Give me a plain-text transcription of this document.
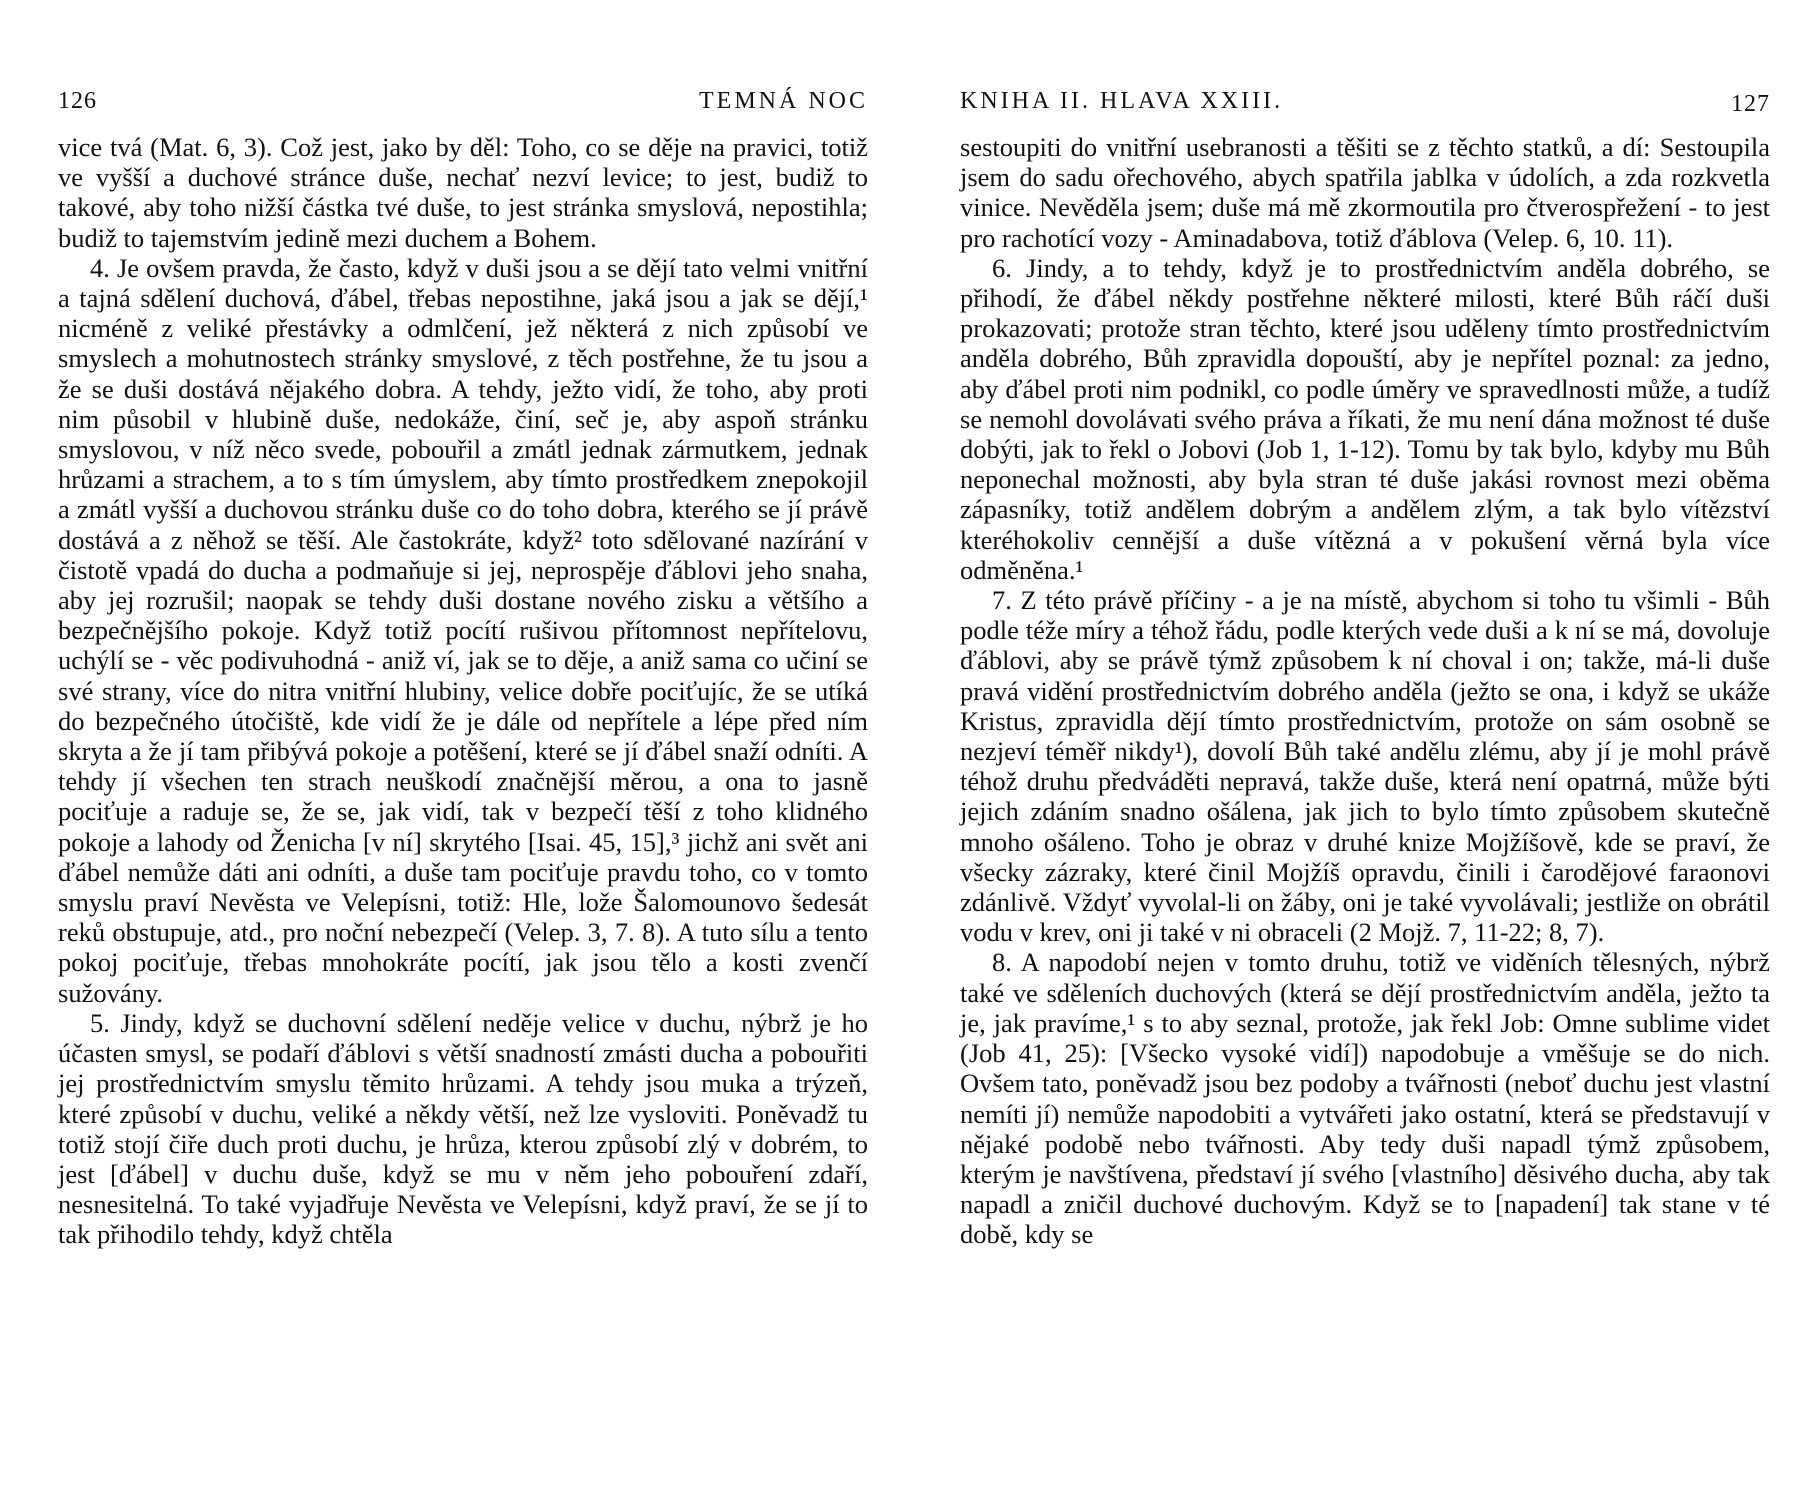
126	TEMNÁ NOC

vice tvá (Mat. 6, 3). Což jest, jako by děl: Toho, co se děje na pravici, totiž ve vyšší a duchové stránce duše, nechať nezví levice; to jest, budiž to takové, aby toho nižší částka tvé duše, to jest stránka smyslová, nepostihla; budiž to tajemstvím jedině mezi duchem a Bohem.

4. Je ovšem pravda, že často, když v duši jsou a se dějí tato velmi vnitřní a tajná sdělení duchová, ďábel, třebas nepostihne, jaká jsou a jak se dějí,¹ nicméně z veliké přestávky a odmlčení, jež některá z nich způsobí ve smyslech a mohutnostech stránky smyslové, z těch postřehne, že tu jsou a že se duši dostává nějakého dobra. A tehdy, ježto vidí, že toho, aby proti nim působil v hlubině duše, nedokáže, činí, seč je, aby aspoň stránku smyslovou, v níž něco svede, pobouřil a zmátl jednak zármutkem, jednak hrůzami a strachem, a to s tím úmyslem, aby tímto prostředkem znepokojil a zmátl vyšší a duchovou stránku duše co do toho dobra, kterého se jí právě dostává a z něhož se těší. Ale častokráte, když² toto sdělované nazírání v čistotě vpadá do ducha a podmaňuje si jej, neprospěje ďáblovi jeho snaha, aby jej rozrušil; naopak se tehdy duši dostane nového zisku a většího a bezpečnějšího pokoje. Když totiž pocítí rušivou přítomnost nepřítelovu, uchýlí se - věc podivuhodná - aniž ví, jak se to děje, a aniž sama co učiní se své strany, více do nitra vnitřní hlubiny, velice dobře pociťujíc, že se utíká do bezpečného útočiště, kde vidí že je dále od nepřítele a lépe před ním skryta a že jí tam přibývá pokoje a potěšení, které se jí ďábel snaží odníti. A tehdy jí všechen ten strach neuškodí značnější měrou, a ona to jasně pociťuje a raduje se, že se, jak vidí, tak v bezpečí těší z toho klidného pokoje a lahody od Ženicha [v ní] skrytého [Isai. 45, 15],³ jichž ani svět ani ďábel nemůže dáti ani odníti, a duše tam pociťuje pravdu toho, co v tomto smyslu praví Nevěsta ve Velepísni, totiž: Hle, lože Šalomounovo šedesát reků obstupuje, atd., pro noční nebezpečí (Velep. 3, 7. 8). A tuto sílu a tento pokoj pociťuje, třebas mnohokráte pocítí, jak jsou tělo a kosti zvenčí sužovány.

5. Jindy, když se duchovní sdělení neděje velice v duchu, nýbrž je ho účasten smysl, se podaří ďáblovi s větší snadností zmásti ducha a pobouřiti jej prostřednictvím smyslu těmito hrůzami. A tehdy jsou muka a trýzeň, které způsobí v duchu, veliké a někdy větší, než lze vysloviti. Poněvadž tu totiž stojí čiře duch proti duchu, je hrůza, kterou způsobí zlý v dobrém, to jest [ďábel] v duchu duše, když se mu v něm jeho pobouření zdaří, nesnesitelná. To také vyjadřuje Nevěsta ve Velepísni, když praví, že se jí to tak přihodilo tehdy, když chtěla

KNIHA II. HLAVA XXIII.	127

sestoupiti do vnitřní usebranosti a těšiti se z těchto statků, a dí: Sestoupila jsem do sadu ořechového, abych spatřila jablka v údolích, a zda rozkvetla vinice. Nevěděla jsem; duše má mě zkormoutila pro čtverospřežení - to jest pro rachotící vozy - Aminadabova, totiž ďáblova (Velep. 6, 10. 11).

6. Jindy, a to tehdy, když je to prostřednictvím anděla dobrého, se přihodí, že ďábel někdy postřehne některé milosti, které Bůh ráčí duši prokazovati; protože stran těchto, které jsou uděleny tímto prostřednictvím anděla dobrého, Bůh zpravidla dopouští, aby je nepřítel poznal: za jedno, aby ďábel proti nim podnikl, co podle úměry ve spravedlnosti může, a tudíž se nemohl dovolávati svého práva a říkati, že mu není dána možnost té duše dobýti, jak to řekl o Jobovi (Job 1, 1-12). Tomu by tak bylo, kdyby mu Bůh neponechal možnosti, aby byla stran té duše jakási rovnost mezi oběma zápasníky, totiž andělem dobrým a andělem zlým, a tak bylo vítězství kteréhokoliv cennější a duše vítězná a v pokušení věrná byla více odměněna.¹

7. Z této právě příčiny - a je na místě, abychom si toho tu všimli - Bůh podle téže míry a téhož řádu, podle kterých vede duši a k ní se má, dovoluje ďáblovi, aby se právě týmž způsobem k ní choval i on; takže, má-li duše pravá vidění prostřednictvím dobrého anděla (ježto se ona, i když se ukáže Kristus, zpravidla dějí tímto prostřednictvím, protože on sám osobně se nezjeví téměř nikdy¹), dovolí Bůh také andělu zlému, aby jí je mohl právě téhož druhu předváděti nepravá, takže duše, která není opatrná, může býti jejich zdáním snadno ošálena, jak jich to bylo tímto způsobem skutečně mnoho ošáleno. Toho je obraz v druhé knize Mojžíšově, kde se praví, že všecky zázraky, které činil Mojžíš opravdu, činili i čarodějové faraonovi zdánlivě. Vždyť vyvolal-li on žáby, oni je také vyvolávali; jestliže on obrátil vodu v krev, oni ji také v ni obraceli (2 Mojž. 7, 11-22; 8, 7).

8. A napodobí nejen v tomto druhu, totiž ve viděních tělesných, nýbrž také ve sděleních duchových (která se dějí prostřednictvím anděla, ježto ta je, jak pravíme,¹ s to aby seznal, protože, jak řekl Job: Omne sublime videt (Job 41, 25): [Všecko vysoké vidí]) napodobuje a vměšuje se do nich. Ovšem tato, poněvadž jsou bez podoby a tvářnosti (neboť duchu jest vlastní nemíti jí) nemůže napodobiti a vytvářeti jako ostatní, která se představují v nějaké podobě nebo tvářnosti. Aby tedy duši napadl týmž způsobem, kterým je navštívena, představí jí svého [vlastního] děsivého ducha, aby tak napadl a zničil duchové duchovým. Když se to [napadení] tak stane v té době, kdy se
